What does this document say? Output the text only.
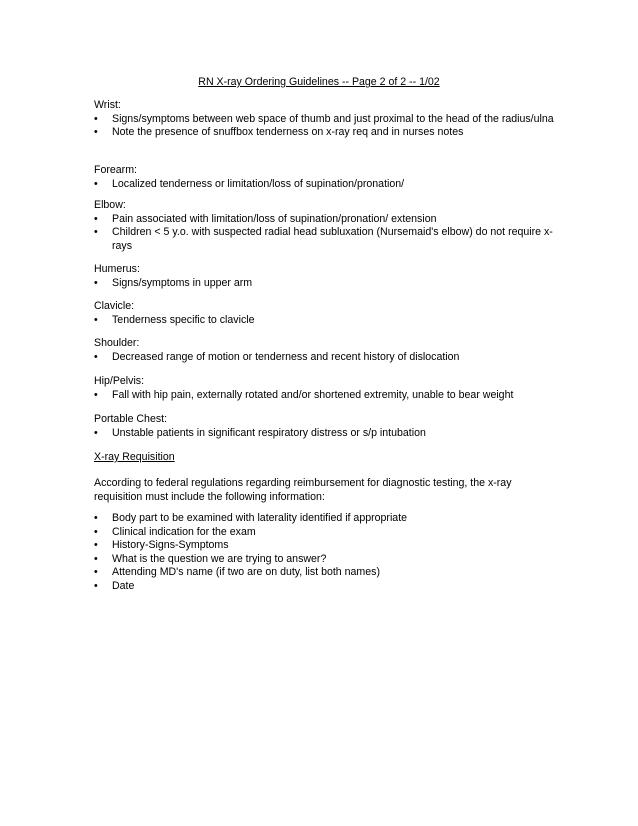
RN X-ray Ordering Guidelines -- Page 2 of 2 -- 1/02

Wrist:

• Signs/symptoms between web space of thumb and just proximal to the head of the radius/ulna
• Note the presence of snuffbox tenderness on x-ray req and in nurses notes

Forearm:

• Localized tenderness or limitation/loss of supination/pronation/

Elbow:

• Pain associated with limitation/loss of supination/pronation/ extension
• Children < 5 y.o. with suspected radial head subluxation (Nursemaid's elbow) do not require x-rays

Humerus:

• Signs/symptoms in upper arm

Clavicle:

• Tenderness specific to clavicle

Shoulder:

• Decreased range of motion or tenderness and recent history of dislocation

Hip/Pelvis:

• Fall with hip pain, externally rotated and/or shortened extremity, unable to bear weight

Portable Chest:

• Unstable patients in significant respiratory distress or s/p intubation

X-ray Requisition

According to federal regulations regarding reimbursement for diagnostic testing, the x-ray requisition must include the following information:

• Body part to be examined with laterality identified if appropriate
• Clinical indication for the exam
• History-Signs-Symptoms
• What is the question we are trying to answer?
• Attending MD's name (if two are on duty, list both names)
• Date
